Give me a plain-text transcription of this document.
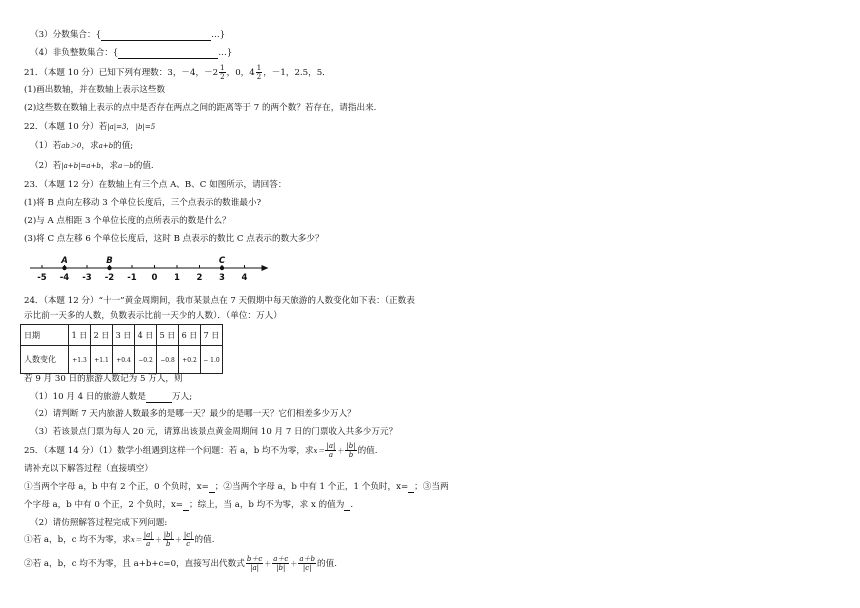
（3）分数集合：{	…}
（4）非负整数集合：{	…}
21．（本题 10 分）已知下列有理数：3，－4，$-2 \frac{1}{2}$ ，0，$4 \frac{1}{2}$ ，－1，2.5，5．
(1)画出数轴，并在数轴上表示这些数
(2)这些数在数轴上表示的点中是否存在两点之间的距离等于 7 的两个数？若存在，请指出来.
22．（本题 10 分）若|a|=3， |b|=5
（1）若ab＞0，求a+b的值;
（2）若|a+b|=a+b，求a－b的值.
23．（本题 12 分）在数轴上有三个点 A、B、C 如图所示，请回答：
(1)将 B 点向左移动 3 个单位长度后，三个点表示的数谁最小?
(2)与 A 点相距 3 个单位长度的点所表示的数是什么？
(3)将 C 点左移 6 个单位长度后，这时 B 点表示的数比 C 点表示的数大多少？
-5 -4 -3 -2 -1 0 1 2 3 4
A	B	C
24．（本题 12 分）“十一”黄金周期间，我市某景点在 7 天假期中每天旅游的人数变化如下表：（正数表
示比前一天多的人数，负数表示比前一天少的人数）．（单位：万人）
日期	1 日	2 日	3 日	4 日	5 日	6 日	7 日
人数变化	+1.3	+1.1	+0.4	−0.2	−0.8	+0.2	− 1.0
若 9 月 30 日的旅游人数记为 5 万人，则
（1）10 月 4 日的旅游人数是	万人;
（2）请判断 7 天内旅游人数最多的是哪一天？最少的是哪一天？它们相差多少万人？
（3）若该景点门票为每人 20 元，请算出该景点黄金周期间 10 月 7 日的门票收入共多少万元？
25．（本题 14 分）（1）数学小组遇到这样一个问题：若 a，b 均不为零，求$x= \frac{|a|}{a} + \frac{|b|}{b}$ 的值.
请补充以下解答过程（直接填空）
①当两个字母 a，b 中有 2 个正，0 个负时，x= ；②当两个字母 a，b 中有 1 个正，1 个负时，x= ；③当两
个字母 a，b 中有 0 个正，2 个负时，x= ；综上，当 a，b 均不为零，求 x 的值为 .
（2）请仿照解答过程完成下列问题:
①若 a，b，c 均不为零，求$x= \frac{|a|}{a} + \frac{|b|}{b} + \frac{|c|}{c}$ 的值.
②若 a，b，c 均不为零，且 a+b+c=0，直接写出代数式 $\frac{b+c}{|a|} + \frac{a+c}{|b|} + \frac{a+b}{|c|}$ 的值.
